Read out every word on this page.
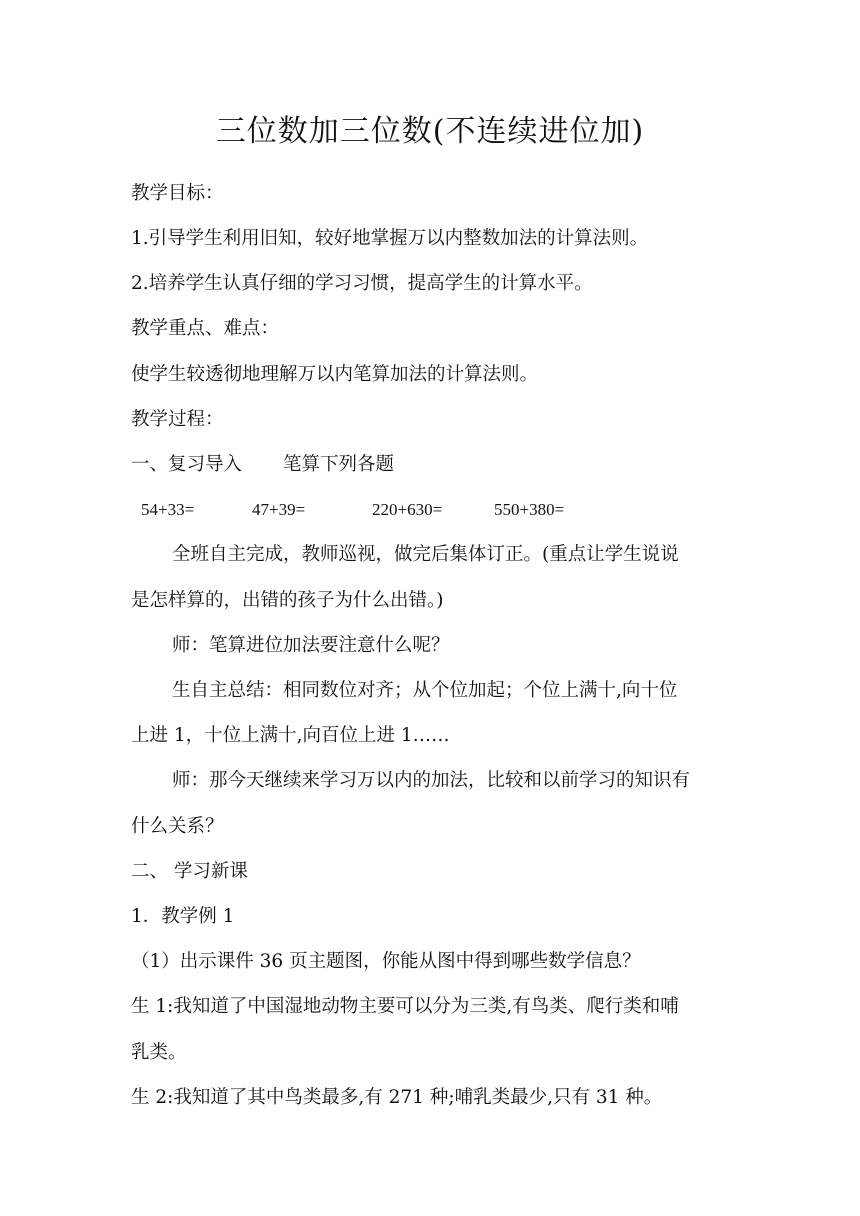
三位数加三位数(不连续进位加)
教学目标：
1.引导学生利用旧知，较好地掌握万以内整数加法的计算法则。
2.培养学生认真仔细的学习习惯，提高学生的计算水平。
教学重点、难点：
使学生较透彻地理解万以内笔算加法的计算法则。
教学过程：
一、复习导入 笔算下列各题
54+33=	47+39=	220+630=	550+380=
全班自主完成，教师巡视，做完后集体订正。(重点让学生说说
是怎样算的，出错的孩子为什么出错。)
师：笔算进位加法要注意什么呢？
生自主总结：相同数位对齐；从个位加起；个位上满十,向十位
上进 1，十位上满十,向百位上进 1……
师：那今天继续来学习万以内的加法，比较和以前学习的知识有
什么关系？
二、 学习新课
1．教学例 1
（1）出示课件 36 页主题图，你能从图中得到哪些数学信息？
生 1:我知道了中国湿地动物主要可以分为三类,有鸟类、爬行类和哺
乳类。
生 2:我知道了其中鸟类最多,有 271 种;哺乳类最少,只有 31 种。
